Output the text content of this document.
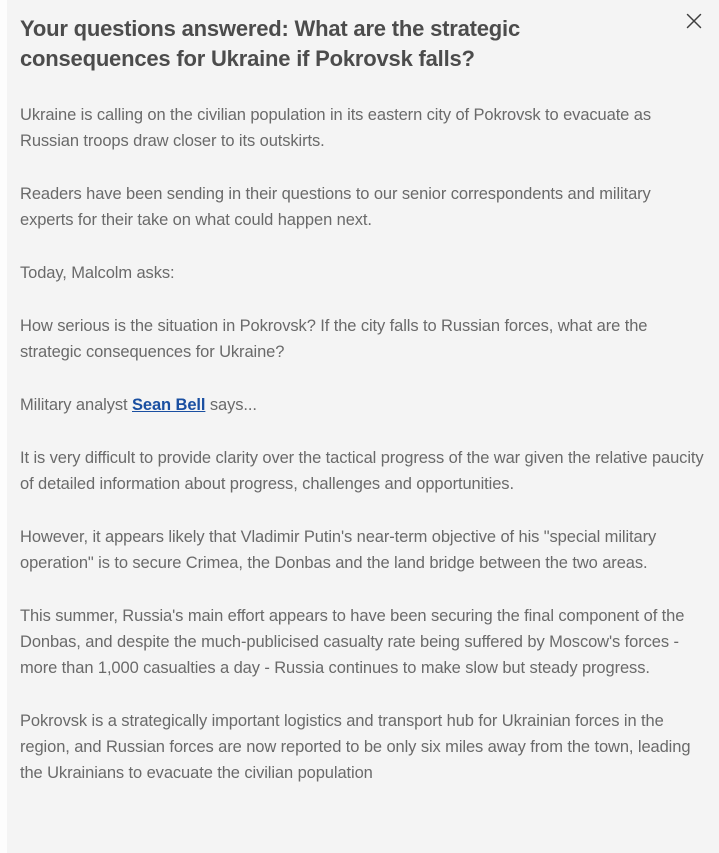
Your questions answered: What are the strategic consequences for Ukraine if Pokrovsk falls?

Ukraine is calling on the civilian population in its eastern city of Pokrovsk to evacuate as Russian troops draw closer to its outskirts.

Readers have been sending in their questions to our senior correspondents and military experts for their take on what could happen next.

Today, Malcolm asks:

How serious is the situation in Pokrovsk? If the city falls to Russian forces, what are the strategic consequences for Ukraine?

Military analyst Sean Bell says...

It is very difficult to provide clarity over the tactical progress of the war given the relative paucity of detailed information about progress, challenges and opportunities.

However, it appears likely that Vladimir Putin's near-term objective of his "special military operation" is to secure Crimea, the Donbas and the land bridge between the two areas.

This summer, Russia's main effort appears to have been securing the final component of the Donbas, and despite the much-publicised casualty rate being suffered by Moscow's forces - more than 1,000 casualties a day - Russia continues to make slow but steady progress.

Pokrovsk is a strategically important logistics and transport hub for Ukrainian forces in the region, and Russian forces are now reported to be only six miles away from the town, leading the Ukrainians to evacuate the civilian population
